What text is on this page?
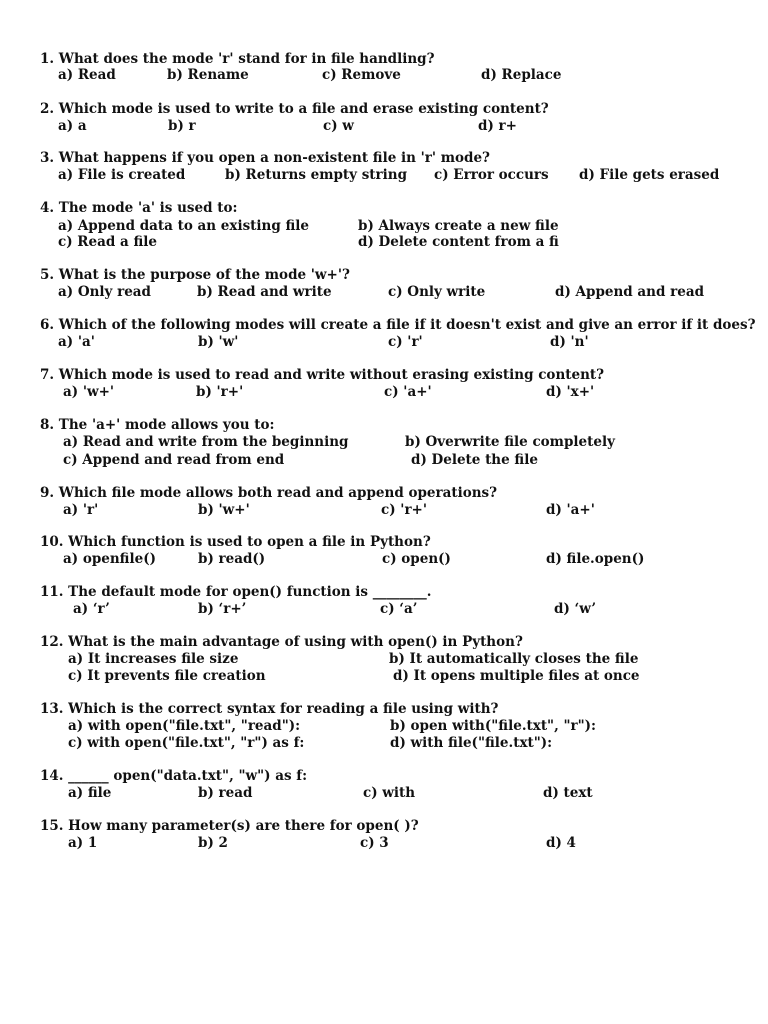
1. What does the mode 'r' stand for in file handling?
a) Read	b) Rename	c) Remove	d) Replace
2. Which mode is used to write to a file and erase existing content?
a) a	b) r	c) w	d) r+
3. What happens if you open a non-existent file in 'r' mode?
a) File is created	b) Returns empty string c) Error occurs d) File gets erased
4. The mode 'a' is used to:
a) Append data to an existing file	b) Always create a new file
c) Read a file	d) Delete content from a fi
5. What is the purpose of the mode 'w+'?
a) Only read	b) Read and write	c) Only write	d) Append and read
6. Which of the following modes will create a file if it doesn't exist and give an error if it does?
a) 'a'	b) 'w'	c) 'r'	d) 'n'
7. Which mode is used to read and write without erasing existing content?
a) 'w+'	b) 'r+'	c) 'a+'	d) 'x+'
8. The 'a+' mode allows you to:
a) Read and write from the beginning	b) Overwrite file completely
c) Append and read from end	d) Delete the file
9. Which file mode allows both read and append operations?
a) 'r'	b) 'w+'	c) 'r+'	d) 'a+'
10. Which function is used to open a file in Python?
a) openfile()	b) read()	c) open()	d) file.open()
11. The default mode for open() function is ________.
a) ‘r’	b) ‘r+’	c) ‘a’	d) ‘w’
12. What is the main advantage of using with open() in Python?
a) It increases file size	b) It automatically closes the file
c) It prevents file creation	d) It opens multiple files at once
13. Which is the correct syntax for reading a file using with?
a) with open("file.txt", "read"):	b) open with("file.txt", "r"):
c) with open("file.txt", "r") as f:	d) with file("file.txt"):
14. ______ open("data.txt", "w") as f:
a) file	b) read	c) with	d) text
15. How many parameter(s) are there for open( )?
a) 1	b) 2	c) 3	d) 4
